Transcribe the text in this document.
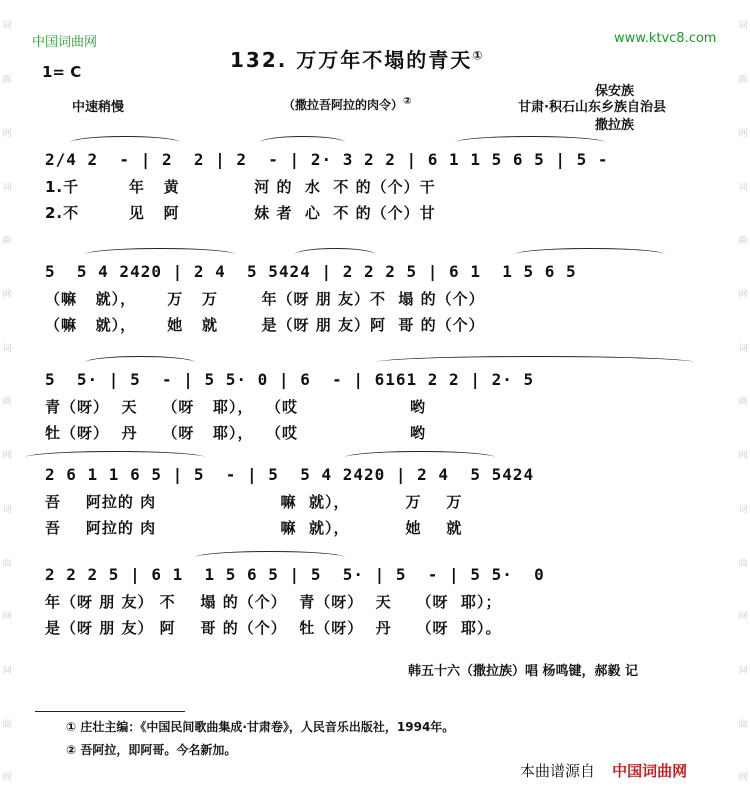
词
曲
网
词
曲
网
词
曲
网
词
曲
网
词
曲
网
词
曲
网
词
曲
网
词
曲
网
词
曲
网
词
曲
网
中国词曲网	www.ktvc8.com
132. 万万年不塌的青天①
1= C
保安族
中速稍慢	（撒拉吾阿拉的肉令）②	甘肃·积石山东乡族自治县
撒拉族
2/4 2  - | 2  2 | 2  - | 2· 3 2 2 | 6 1 1 5 6 5 | 5 -
1.千        年   黄            河 的  水  不 的（个）干
2.不        见   阿            妹 者  心  不 的（个）甘
5  5 4 2420 | 2 4  5 5424 | 2 2 2 5 | 6 1  1 5 6 5
（嘛   就），     万   万       年（呀 朋 友）不  塌 的（个）
（嘛   就），     她   就       是（呀 朋 友）阿  哥 的（个）
5  5· | 5  - | 5 5· 0 | 6  - | 6161 2 2 | 2· 5
青（呀）  天    （呀   耶），  （哎                  哟
牡（呀）  丹    （呀   耶），  （哎                  哟
2 6 1 1 6 5 | 5  - | 5  5 4 2420 | 2 4  5 5424
吾    阿拉的 肉                    嘛  就），         万    万
吾    阿拉的 肉                    嘛  就），         她    就
2 2 2 5 | 6 1  1 5 6 5 | 5  5· | 5  - | 5 5·  0
年（呀 朋 友） 不    塌 的（个）  青（呀）  天    （呀  耶）；
是（呀 朋 友） 阿    哥 的（个）  牡（呀）  丹    （呀  耶）。
韩五十六（撒拉族）唱 杨鸣键，郝毅 记
① 庄壮主编：《中国民间歌曲集成·甘肃卷》，人民音乐出版社，1994年。
② 吾阿拉，即阿哥。今名新加。
本曲谱源自 中国词曲网
